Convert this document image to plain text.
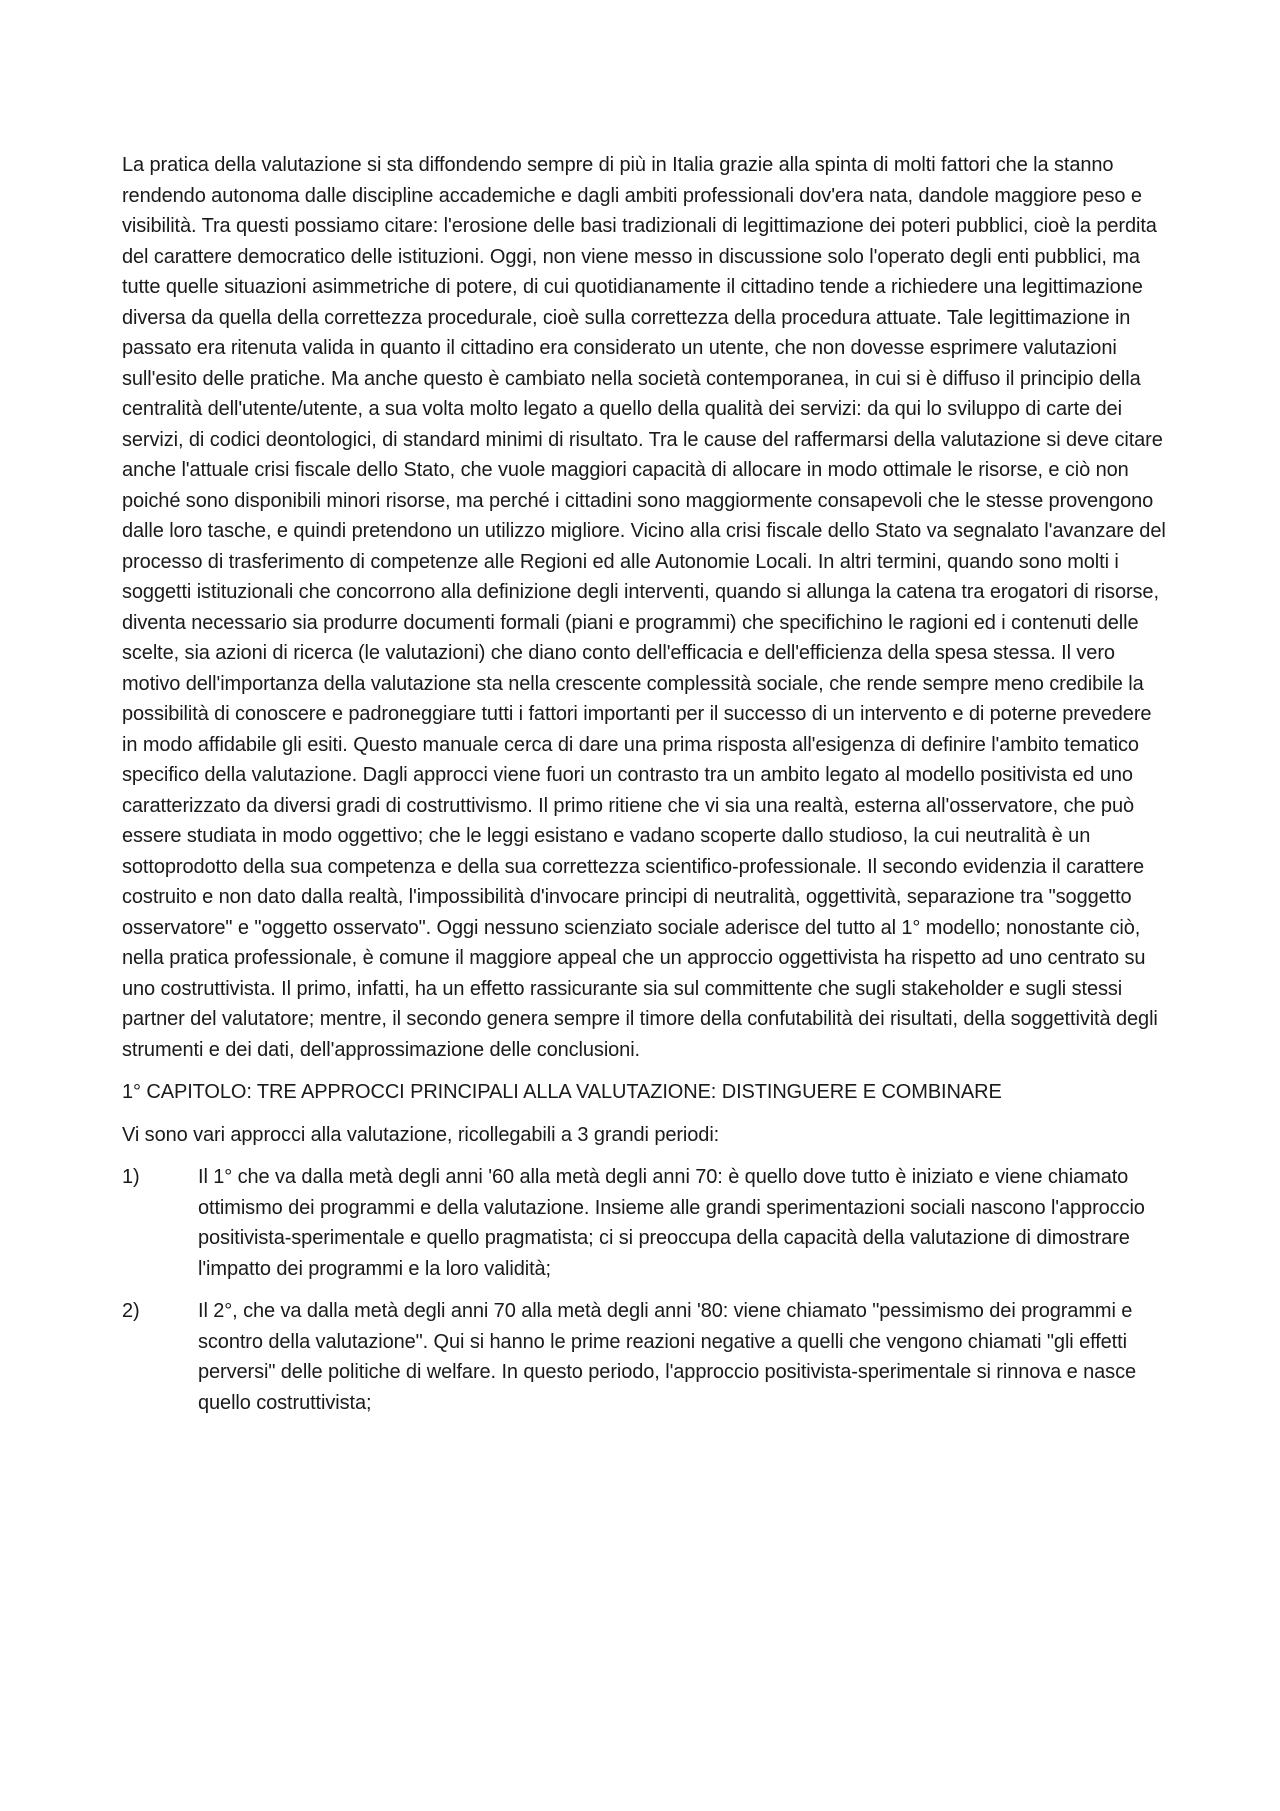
La pratica della valutazione si sta diffondendo sempre di più in Italia grazie alla spinta di molti fattori che la stanno rendendo autonoma dalle discipline accademiche e dagli ambiti professionali dov'era nata, dandole maggiore peso e visibilità. Tra questi possiamo citare: l'erosione delle basi tradizionali di legittimazione dei poteri pubblici, cioè la perdita del carattere democratico delle istituzioni. Oggi, non viene messo in discussione solo l'operato degli enti pubblici, ma tutte quelle situazioni asimmetriche di potere, di cui quotidianamente il cittadino tende a richiedere una legittimazione diversa da quella della correttezza procedurale, cioè sulla correttezza della procedura attuate. Tale legittimazione in passato era ritenuta valida in quanto il cittadino era considerato un utente, che non dovesse esprimere valutazioni sull'esito delle pratiche. Ma anche questo è cambiato nella società contemporanea, in cui si è diffuso il principio della centralità dell'utente/utente, a sua volta molto legato a quello della qualità dei servizi: da qui lo sviluppo di carte dei servizi, di codici deontologici, di standard minimi di risultato. Tra le cause del raffermarsi della valutazione si deve citare anche l'attuale crisi fiscale dello Stato, che vuole maggiori capacità di allocare in modo ottimale le risorse, e ciò non poiché sono disponibili minori risorse, ma perché i cittadini sono maggiormente consapevoli che le stesse provengono dalle loro tasche, e quindi pretendono un utilizzo migliore. Vicino alla crisi fiscale dello Stato va segnalato l'avanzare del processo di trasferimento di competenze alle Regioni ed alle Autonomie Locali. In altri termini, quando sono molti i soggetti istituzionali che concorrono alla definizione degli interventi, quando si allunga la catena tra erogatori di risorse, diventa necessario sia produrre documenti formali (piani e programmi) che specifichino le ragioni ed i contenuti delle scelte, sia azioni di ricerca (le valutazioni) che diano conto dell'efficacia e dell'efficienza della spesa stessa. Il vero motivo dell'importanza della valutazione sta nella crescente complessità sociale, che rende sempre meno credibile la possibilità di conoscere e padroneggiare tutti i fattori importanti per il successo di un intervento e di poterne prevedere in modo affidabile gli esiti. Questo manuale cerca di dare una prima risposta all'esigenza di definire l'ambito tematico specifico della valutazione. Dagli approcci viene fuori un contrasto tra un ambito legato al modello positivista ed uno caratterizzato da diversi gradi di costruttivismo. Il primo ritiene che vi sia una realtà, esterna all'osservatore, che può essere studiata in modo oggettivo; che le leggi esistano e vadano scoperte dallo studioso, la cui neutralità è un sottoprodotto della sua competenza e della sua correttezza scientifico-professionale. Il secondo evidenzia il carattere costruito e non dato dalla realtà, l'impossibilità d'invocare principi di neutralità, oggettività, separazione tra "soggetto osservatore" e "oggetto osservato". Oggi nessuno scienziato sociale aderisce del tutto al 1° modello; nonostante ciò, nella pratica professionale, è comune il maggiore appeal che un approccio oggettivista ha rispetto ad uno centrato su uno costruttivista. Il primo, infatti, ha un effetto rassicurante sia sul committente che sugli stakeholder e sugli stessi partner del valutatore; mentre, il secondo genera sempre il timore della confutabilità dei risultati, della soggettività degli strumenti e dei dati, dell'approssimazione delle conclusioni.

1° CAPITOLO: TRE APPROCCI PRINCIPALI ALLA VALUTAZIONE: DISTINGUERE E COMBINARE

Vi sono vari approcci alla valutazione, ricollegabili a 3 grandi periodi:

1)	Il 1° che va dalla metà degli anni '60 alla metà degli anni 70: è quello dove tutto è iniziato e viene chiamato ottimismo dei programmi e della valutazione. Insieme alle grandi sperimentazioni sociali nascono l'approccio positivista-sperimentale e quello pragmatista; ci si preoccupa della capacità della valutazione di dimostrare l'impatto dei programmi e la loro validità;
2)	Il 2°, che va dalla metà degli anni 70 alla metà degli anni '80: viene chiamato "pessimismo dei programmi e scontro della valutazione". Qui si hanno le prime reazioni negative a quelli che vengono chiamati "gli effetti perversi" delle politiche di welfare. In questo periodo, l'approccio positivista-sperimentale si rinnova e nasce quello costruttivista;
